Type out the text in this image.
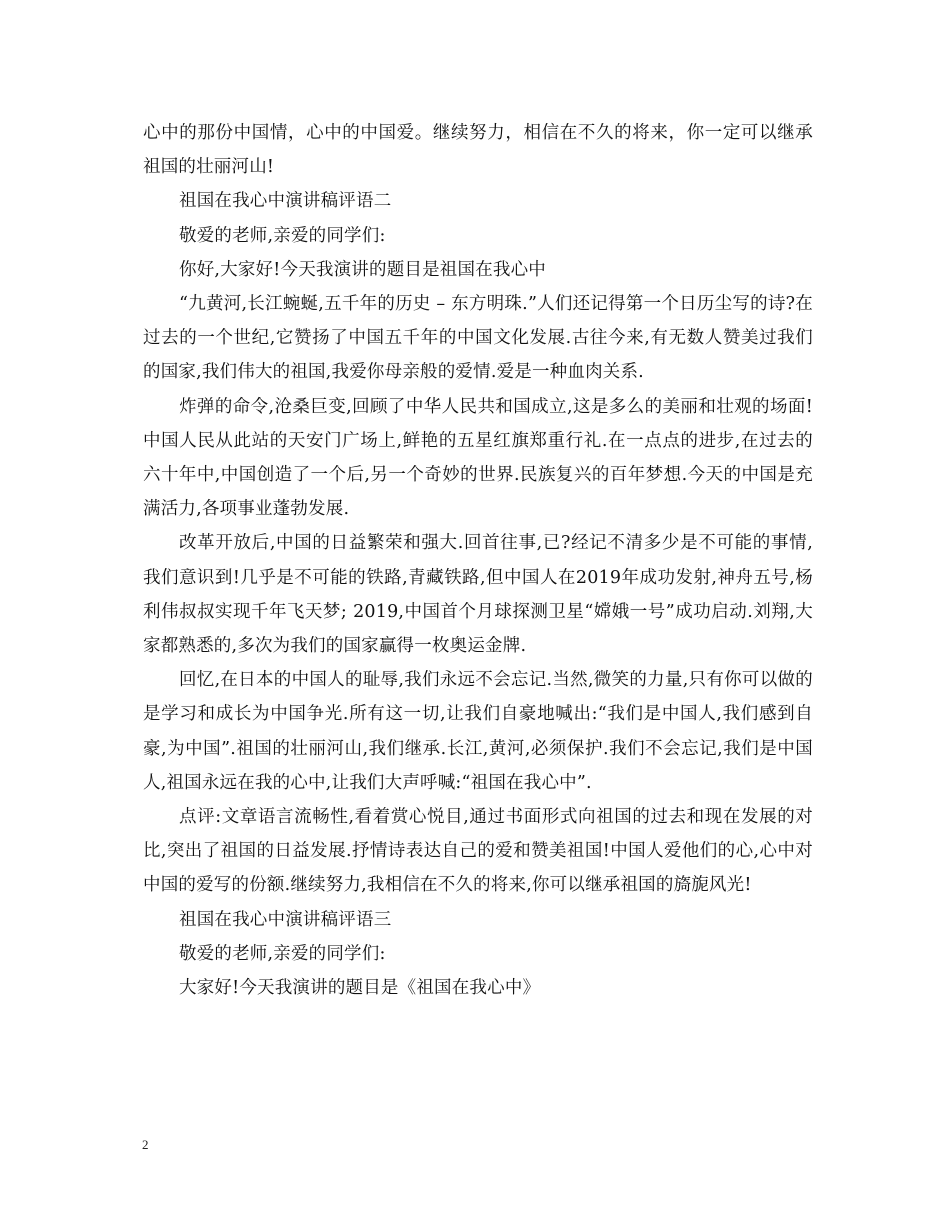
心中的那份中国情，心中的中国爱。继续努力，相信在不久的将来，你一定可以继承祖国的壮丽河山!

祖国在我心中演讲稿评语二

敬爱的老师,亲爱的同学们:

你好,大家好!今天我演讲的题目是祖国在我心中

“九黄河,长江蜿蜒,五千年的历史 – 东方明珠.”人们还记得第一个日历尘写的诗?在过去的一个世纪,它赞扬了中国五千年的中国文化发展.古往今来,有无数人赞美过我们的国家,我们伟大的祖国,我爱你母亲般的爱情.爱是一种血肉关系.

炸弹的命令,沧桑巨变,回顾了中华人民共和国成立,这是多么的美丽和壮观的场面!中国人民从此站的天安门广场上,鲜艳的五星红旗郑重行礼.在一点点的进步,在过去的六十年中,中国创造了一个后,另一个奇妙的世界.民族复兴的百年梦想.今天的中国是充满活力,各项事业蓬勃发展.

改革开放后,中国的日益繁荣和强大.回首往事,已?经记不清多少是不可能的事情,我们意识到!几乎是不可能的铁路,青藏铁路,但中国人在2019年成功发射,神舟五号,杨利伟叔叔实现千年飞天梦; 2019,中国首个月球探测卫星“嫦娥一号”成功启动.刘翔,大家都熟悉的,多次为我们的国家赢得一枚奥运金牌.

回忆,在日本的中国人的耻辱,我们永远不会忘记.当然,微笑的力量,只有你可以做的是学习和成长为中国争光.所有这一切,让我们自豪地喊出:“我们是中国人,我们感到自豪,为中国”.祖国的壮丽河山,我们继承.长江,黄河,必须保护.我们不会忘记,我们是中国人,祖国永远在我的心中,让我们大声呼喊:“祖国在我心中”.

点评:文章语言流畅性,看着赏心悦目,通过书面形式向祖国的过去和现在发展的对比,突出了祖国的日益发展.抒情诗表达自己的爱和赞美祖国!中国人爱他们的心,心中对中国的爱写的份额.继续努力,我相信在不久的将来,你可以继承祖国的旖旎风光!

祖国在我心中演讲稿评语三

敬爱的老师,亲爱的同学们:

大家好!今天我演讲的题目是《祖国在我心中》

2
